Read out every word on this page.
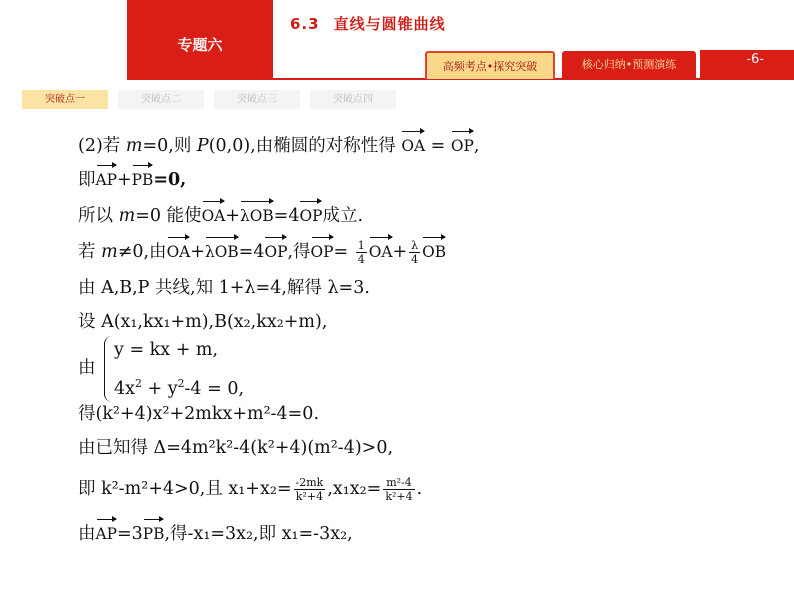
专题六
6.3 直线与圆锥曲线
高频考点•探究突破	核心归纳•预测演练	-6-
突破点一	突破点二	突破点三	突破点四
(2)若 m=0,则 P(0,0),由椭圆的对称性得 OA = OP,
即AP+PB=0,
所以 m=0 能使OA+λOB=4OP成立.
若 m≠0,由OA+λOB=4OP,得$OP= \frac{1}{4} OA+ \frac{\lambda}{4}$ OB
由 A,B,P 共线,知 1+λ=4,解得 λ=3.
设 A(x₁,kx₁+m),B(x₂,kx₂+m),
由
y = kx + m,
$4x^2 + y^2-4 = 0$,
得(k²+4)x²+2mkx+m²-4=0.
由已知得 Δ=4m²k²-4(k²+4)(m²-4)>0,
即 k²-m²+4>0,且 $x_1+x_2= \frac{-2mk}{\text{k²+4}} ,x_1x_2= \frac{\text{m²-4}}{\text{k²+4}}$ .
由AP=3PB,得-x₁=3x₂,即 x₁=-3x₂,
